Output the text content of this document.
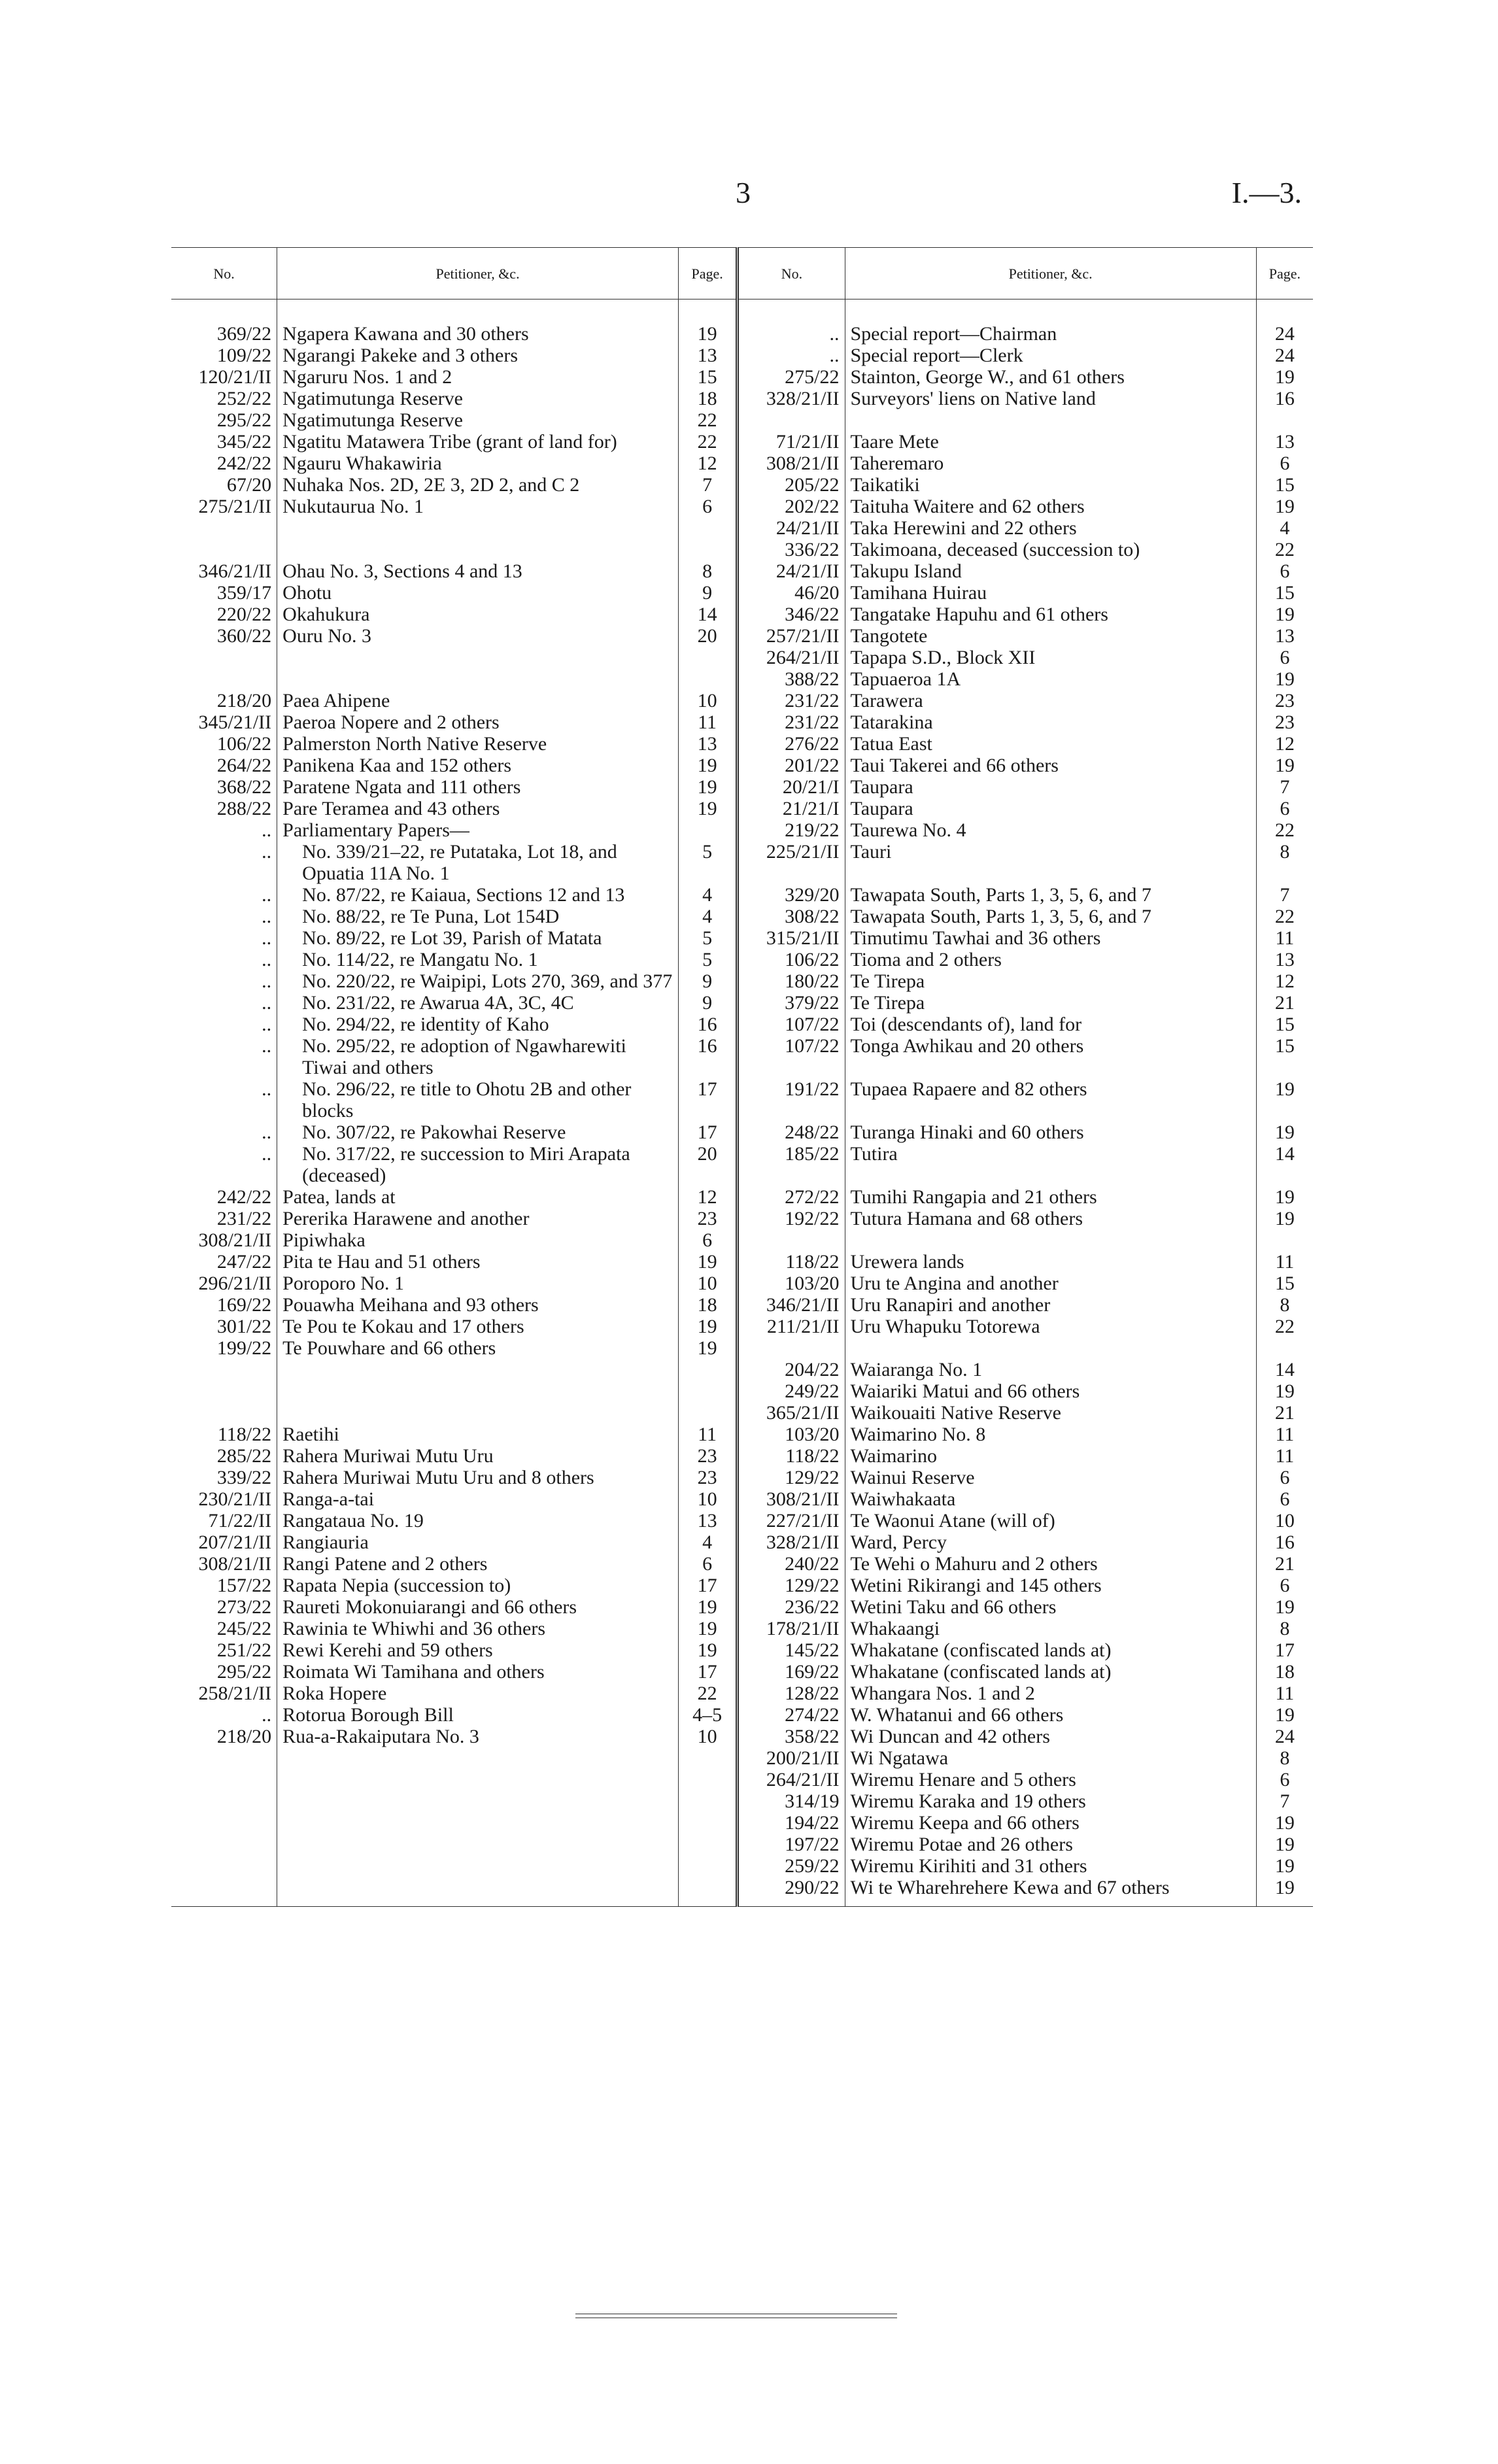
3	I.—3.
No.	Petitioner, &c.	Page.	No.	Petitioner, &c.	Page.
369/22	Ngapera Kawana and 30 others	19	..	Special report—Chairman	24
109/22	Ngarangi Pakeke and 3 others	13	..	Special report—Clerk	24
120/21/II	Ngaruru Nos. 1 and 2	15	275/22	Stainton, George W., and 61 others	19
252/22	Ngatimutunga Reserve	18	328/21/II	Surveyors' liens on Native land	16
295/22	Ngatimutunga Reserve	22			
345/22	Ngatitu Matawera Tribe (grant of land for)	22	71/21/II	Taare Mete	13
242/22	Ngauru Whakawiria	12	308/21/II	Taheremaro	6
67/20	Nuhaka Nos. 2D, 2E 3, 2D 2, and C 2	7	205/22	Taikatiki	15
275/21/II	Nukutaurua No. 1	6	202/22	Taituha Waitere and 62 others	19
			24/21/II	Taka Herewini and 22 others	4
			336/22	Takimoana, deceased (succession to)	22
346/21/II	Ohau No. 3, Sections 4 and 13	8	24/21/II	Takupu Island	6
359/17	Ohotu	9	46/20	Tamihana Huirau	15
220/22	Okahukura	14	346/22	Tangatake Hapuhu and 61 others	19
360/22	Ouru No. 3	20	257/21/II	Tangotete	13
			264/21/II	Tapapa S.D., Block XII	6
			388/22	Tapuaeroa 1A	19
218/20	Paea Ahipene	10	231/22	Tarawera	23
345/21/II	Paeroa Nopere and 2 others	11	231/22	Tatarakina	23
106/22	Palmerston North Native Reserve	13	276/22	Tatua East	12
264/22	Panikena Kaa and 152 others	19	201/22	Taui Takerei and 66 others	19
368/22	Paratene Ngata and 111 others	19	20/21/I	Taupara	7
288/22	Pare Teramea and 43 others	19	21/21/I	Taupara	6
..	Parliamentary Papers—		219/22	Taurewa No. 4	22
..	No. 339/21–22, re Putataka, Lot 18, and Opuatia 11A No. 1	5	225/21/II	Tauri	8
..	No. 87/22, re Kaiaua, Sections 12 and 13	4	329/20	Tawapata South, Parts 1, 3, 5, 6, and 7	7
..	No. 88/22, re Te Puna, Lot 154D	4	308/22	Tawapata South, Parts 1, 3, 5, 6, and 7	22
..	No. 89/22, re Lot 39, Parish of Matata	5	315/21/II	Timutimu Tawhai and 36 others	11
..	No. 114/22, re Mangatu No. 1	5	106/22	Tioma and 2 others	13
..	No. 220/22, re Waipipi, Lots 270, 369, and 377	9	180/22	Te Tirepa	12
..	No. 231/22, re Awarua 4A, 3C, 4C	9	379/22	Te Tirepa	21
..	No. 294/22, re identity of Kaho	16	107/22	Toi (descendants of), land for	15
..	No. 295/22, re adoption of Ngawharewiti Tiwai and others	16	107/22	Tonga Awhikau and 20 others	15
..	No. 296/22, re title to Ohotu 2B and other blocks	17	191/22	Tupaea Rapaere and 82 others	19
..	No. 307/22, re Pakowhai Reserve	17	248/22	Turanga Hinaki and 60 others	19
..	No. 317/22, re succession to Miri Arapata (deceased)	20	185/22	Tutira	14
242/22	Patea, lands at	12	272/22	Tumihi Rangapia and 21 others	19
231/22	Pererika Harawene and another	23	192/22	Tutura Hamana and 68 others	19
308/21/II	Pipiwhaka	6			
247/22	Pita te Hau and 51 others	19	118/22	Urewera lands	11
296/21/II	Poroporo No. 1	10	103/20	Uru te Angina and another	15
169/22	Pouawha Meihana and 93 others	18	346/21/II	Uru Ranapiri and another	8
301/22	Te Pou te Kokau and 17 others	19	211/21/II	Uru Whapuku Totorewa	22
199/22	Te Pouwhare and 66 others	19			
			204/22	Waiaranga No. 1	14
			249/22	Waiariki Matui and 66 others	19
			365/21/II	Waikouaiti Native Reserve	21
118/22	Raetihi	11	103/20	Waimarino No. 8	11
285/22	Rahera Muriwai Mutu Uru	23	118/22	Waimarino	11
339/22	Rahera Muriwai Mutu Uru and 8 others	23	129/22	Wainui Reserve	6
230/21/II	Ranga-a-tai	10	308/21/II	Waiwhakaata	6
71/22/II	Rangataua No. 19	13	227/21/II	Te Waonui Atane (will of)	10
207/21/II	Rangiauria	4	328/21/II	Ward, Percy	16
308/21/II	Rangi Patene and 2 others	6	240/22	Te Wehi o Mahuru and 2 others	21
157/22	Rapata Nepia (succession to)	17	129/22	Wetini Rikirangi and 145 others	6
273/22	Raureti Mokonuiarangi and 66 others	19	236/22	Wetini Taku and 66 others	19
245/22	Rawinia te Whiwhi and 36 others	19	178/21/II	Whakaangi	8
251/22	Rewi Kerehi and 59 others	19	145/22	Whakatane (confiscated lands at)	17
295/22	Roimata Wi Tamihana and others	17	169/22	Whakatane (confiscated lands at)	18
258/21/II	Roka Hopere	22	128/22	Whangara Nos. 1 and 2	11
..	Rotorua Borough Bill	4–5	274/22	W. Whatanui and 66 others	19
218/20	Rua-a-Rakaiputara No. 3	10	358/22	Wi Duncan and 42 others	24
			200/21/II	Wi Ngatawa	8
			264/21/II	Wiremu Henare and 5 others	6
			314/19	Wiremu Karaka and 19 others	7
			194/22	Wiremu Keepa and 66 others	19
			197/22	Wiremu Potae and 26 others	19
			259/22	Wiremu Kirihiti and 31 others	19
			290/22	Wi te Wharehrehere Kewa and 67 others	19
